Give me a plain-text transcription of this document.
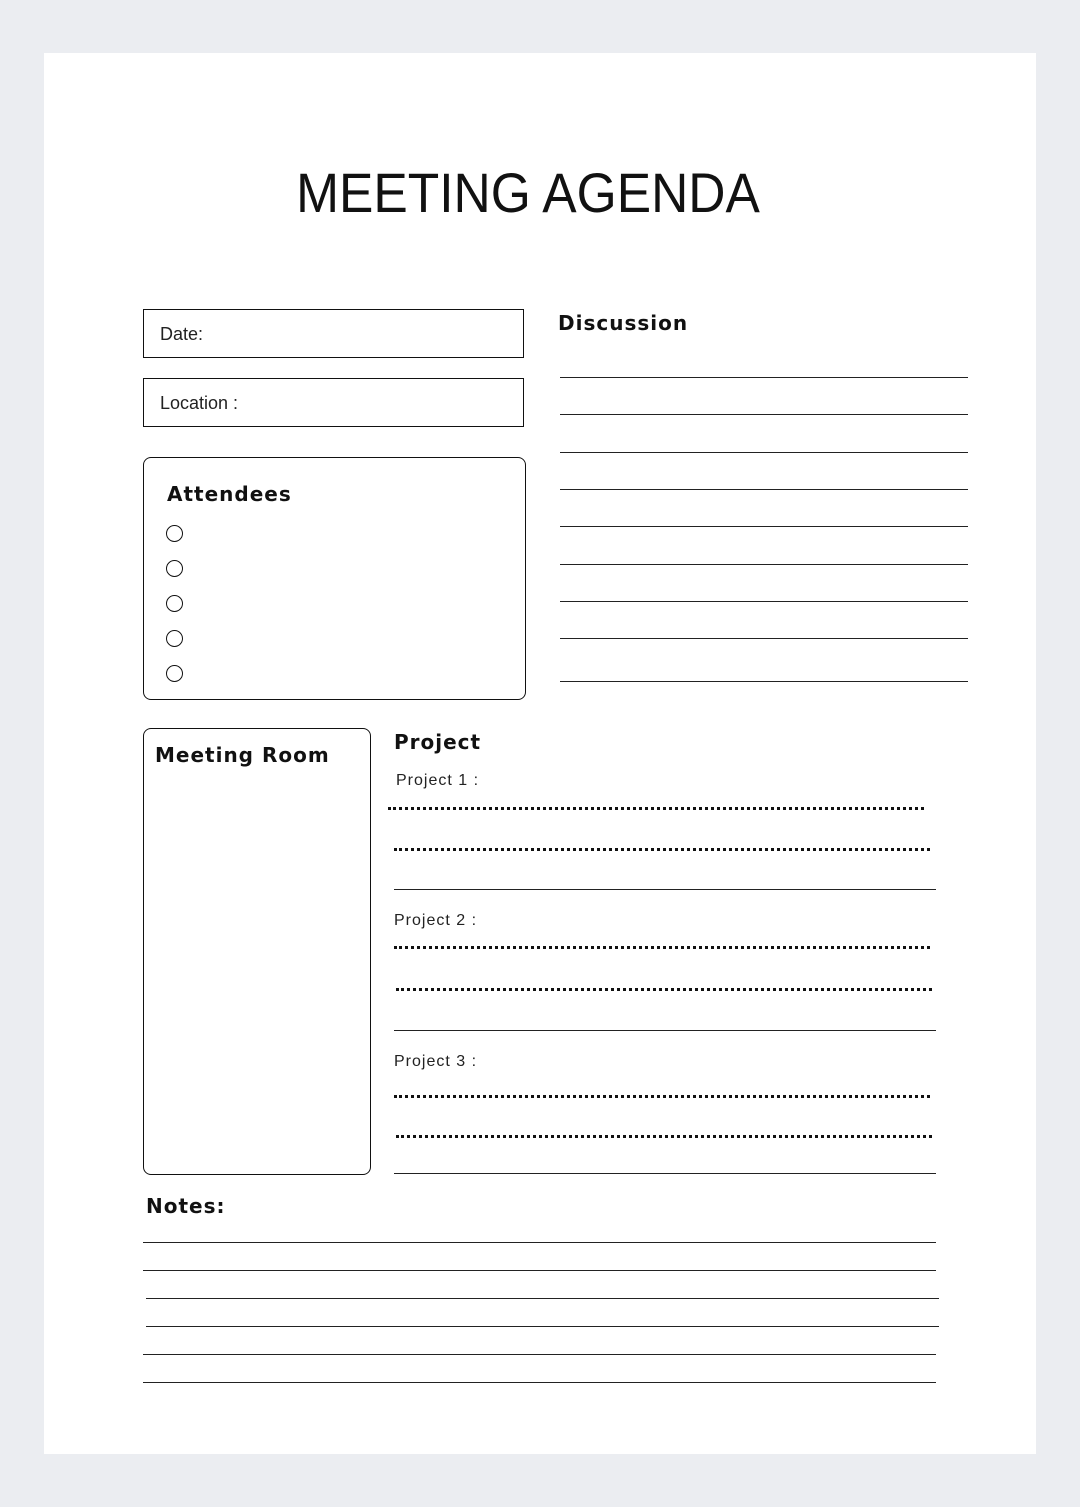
MEETING AGENDA
Date:
Location :
Attendees
Discussion
Meeting Room
Project
Project 1 :
Project 2 :
Project 3 :
Notes:
